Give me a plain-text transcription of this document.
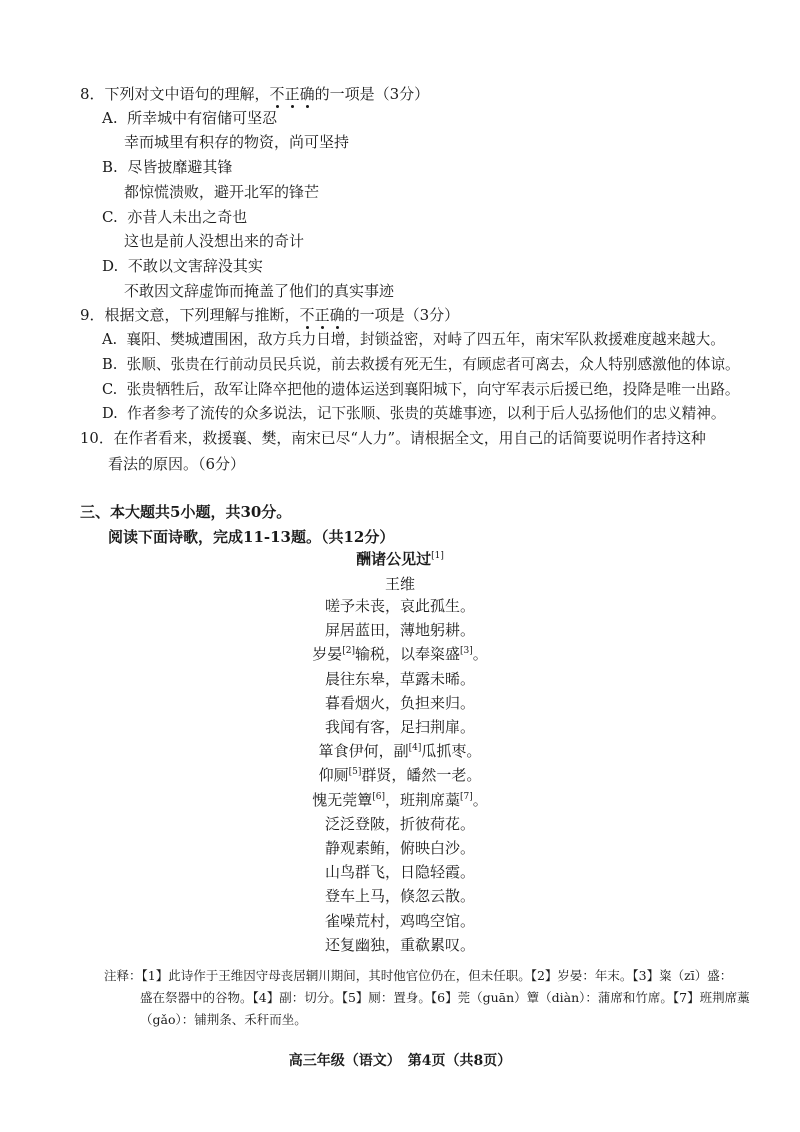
8．下列对文中语句的理解，不正确的一项是（3分）
A. 所幸城中有宿储可坚忍
幸而城里有积存的物资，尚可坚持
B. 尽皆披靡避其锋
都惊慌溃败，避开北军的锋芒
C. 亦昔人未出之奇也
这也是前人没想出来的奇计
D. 不敢以文害辞没其实
不敢因文辞虚饰而掩盖了他们的真实事迹
9．根据文意，下列理解与推断，不正确的一项是（3分）
A. 襄阳、樊城遭围困，敌方兵力日增，封锁益密，对峙了四五年，南宋军队救援难度越来越大。
B. 张顺、张贵在行前动员民兵说，前去救援有死无生，有顾虑者可离去，众人特别感激他的体谅。
C. 张贵牺牲后，敌军让降卒把他的遗体运送到襄阳城下，向守军表示后援已绝，投降是唯一出路。
D. 作者参考了流传的众多说法，记下张顺、张贵的英雄事迹，以利于后人弘扬他们的忠义精神。
10．在作者看来，救援襄、樊，南宋已尽“人力”。请根据全文，用自己的话简要说明作者持这种
看法的原因。（6分）
三、本大题共5小题，共30分。
阅读下面诗歌，完成11-13题。（共12分）
酬诸公见过[1]
王维
嗟予未丧，哀此孤生。
屏居蓝田，薄地躬耕。
岁晏[2]输税，以奉粢盛[3]。
晨往东皋，草露未晞。
暮看烟火，负担来归。
我闻有客，足扫荆扉。
箪食伊何，副[4]瓜抓枣。
仰厕[5]群贤，皤然一老。
愧无莞簟[6]，班荆席藁[7]。
泛泛登陂，折彼荷花。
静观素鲔，俯映白沙。
山鸟群飞，日隐轻霞。
登车上马，倏忽云散。
雀噪荒村，鸡鸣空馆。
还复幽独，重欷累叹。
注释：【1】此诗作于王维因守母丧居辋川期间，其时他官位仍在，但未任职。【2】岁晏：年末。【3】粢（zī）盛：
盛在祭器中的谷物。【4】副：切分。【5】厕：置身。【6】莞（guān）簟（diàn）：蒲席和竹席。【7】班荆席藁
（gǎo）：铺荆条、禾秆而坐。
高三年级（语文）　第4页（共8页）
